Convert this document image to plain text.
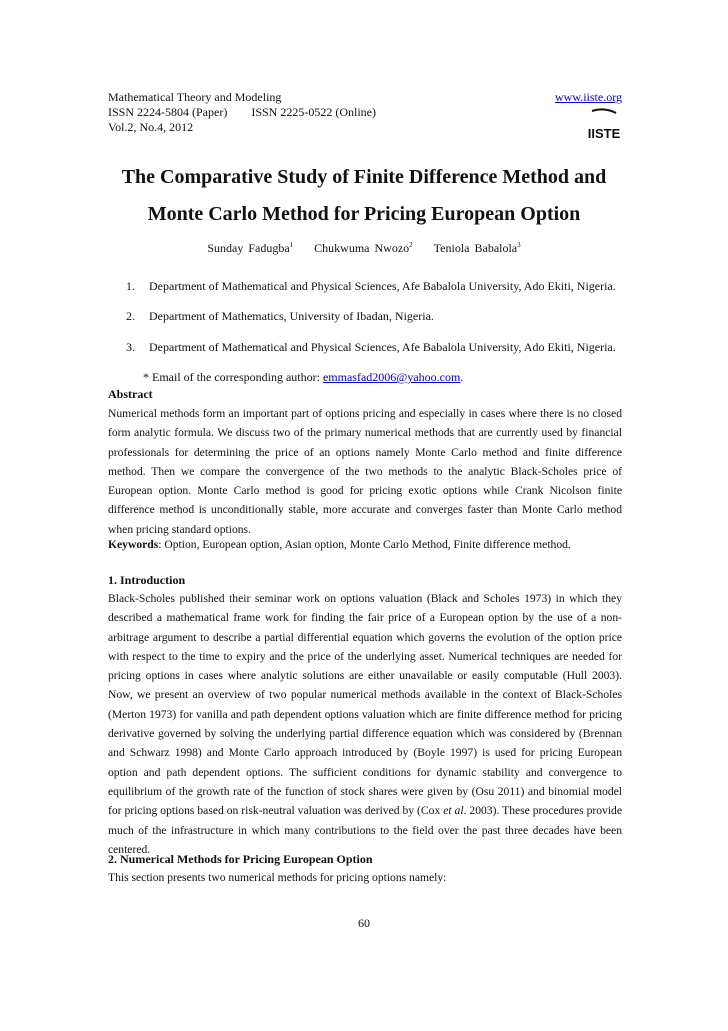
Mathematical Theory and Modeling
ISSN 2224-5804 (Paper)        ISSN 2225-0522 (Online)
Vol.2, No.4, 2012
www.iiste.org
IISTE
The Comparative Study of Finite Difference Method and
Monte Carlo Method for Pricing European Option
Sunday Fadugba$^1$ Chukwuma Nwozo$^2$ Teniola Babalola$^3$
1. Department of Mathematical and Physical Sciences, Afe Babalola University, Ado Ekiti, Nigeria.
2. Department of Mathematics, University of Ibadan, Nigeria.
3. Department of Mathematical and Physical Sciences, Afe Babalola University, Ado Ekiti, Nigeria.
* Email of the corresponding author: emmasfad2006@yahoo.com.
Abstract
Numerical methods form an important part of options pricing and especially in cases where there is no closed form analytic formula. We discuss two of the primary numerical methods that are currently used by financial professionals for determining the price of an options namely Monte Carlo method and finite difference method. Then we compare the convergence of the two methods to the analytic Black-Scholes price of European option. Monte Carlo method is good for pricing exotic options while Crank Nicolson finite difference method is unconditionally stable, more accurate and converges faster than Monte Carlo method when pricing standard options.
Keywords: Option, European option, Asian option, Monte Carlo Method, Finite difference method.
1. Introduction
Black-Scholes published their seminar work on options valuation (Black and Scholes 1973) in which they described a mathematical frame work for finding the fair price of a European option by the use of a non-arbitrage argument to describe a partial differential equation which governs the evolution of the option price with respect to the time to expiry and the price of the underlying asset. Numerical techniques are needed for pricing options in cases where analytic solutions are either unavailable or easily computable (Hull 2003). Now, we present an overview of two popular numerical methods available in the context of Black-Scholes (Merton 1973) for vanilla and path dependent options valuation which are finite difference method for pricing derivative governed by solving the underlying partial difference equation which was considered by (Brennan and Schwarz 1998) and Monte Carlo approach introduced by (Boyle 1997) is used for pricing European option and path dependent options. The sufficient conditions for dynamic stability and convergence to equilibrium of the growth rate of the function of stock shares were given by (Osu 2011) and binomial model for pricing options based on risk-neutral valuation was derived by (Cox et al. 2003). These procedures provide much of the infrastructure in which many contributions to the field over the past three decades have been centered.
2. Numerical Methods for Pricing European Option
This section presents two numerical methods for pricing options namely:
60
